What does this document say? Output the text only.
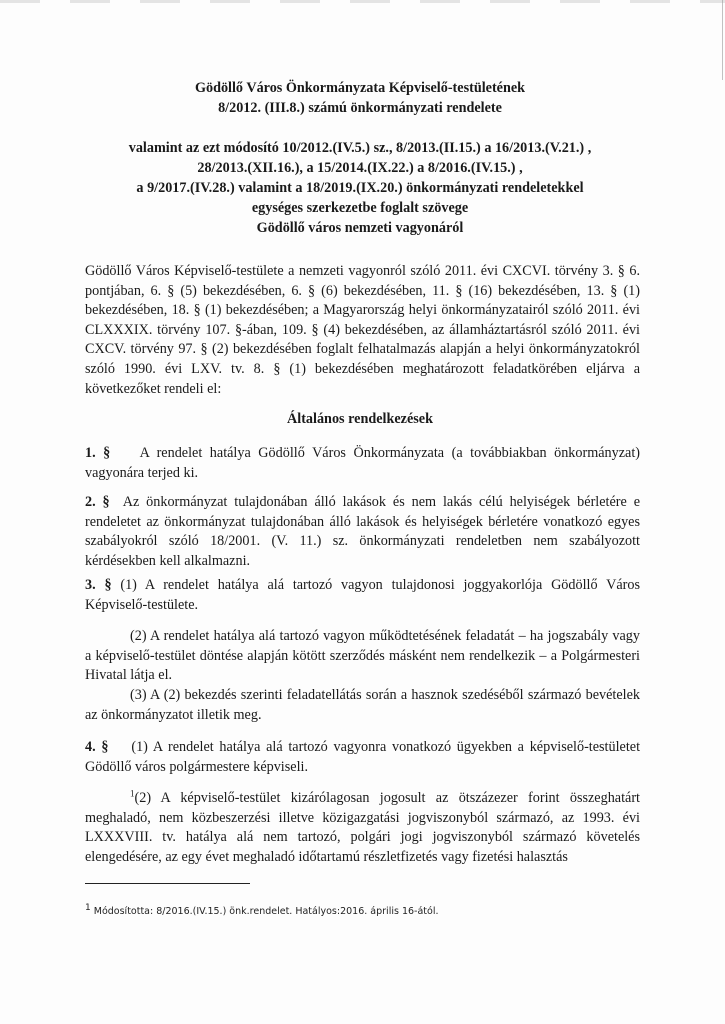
Gödöllő Város Önkormányzata Képviselő-testületének
8/2012. (III.8.) számú önkormányzati rendelete
valamint az ezt módosító 10/2012.(IV.5.) sz., 8/2013.(II.15.) a 16/2013.(V.21.) ,
28/2013.(XII.16.), a 15/2014.(IX.22.) a 8/2016.(IV.15.) ,
a 9/2017.(IV.28.) valamint a 18/2019.(IX.20.) önkormányzati rendeletekkel
egységes szerkezetbe foglalt szövege
Gödöllő város nemzeti vagyonáról

Gödöllő Város Képviselő-testülete a nemzeti vagyonról szóló 2011. évi CXCVI. törvény 3. § 6. pontjában, 6. § (5) bekezdésében, 6. § (6) bekezdésében, 11. § (16) bekezdésében, 13. § (1) bekezdésében, 18. § (1) bekezdésében; a Magyarország helyi önkormányzatairól szóló 2011. évi CLXXXIX. törvény 107. §-ában, 109. § (4) bekezdésében, az államháztartásról szóló 2011. évi CXCV. törvény 97. § (2) bekezdésében foglalt felhatalmazás alapján a helyi önkormányzatokról szóló 1990. évi LXV. tv. 8. § (1) bekezdésében meghatározott feladatkörében eljárva a következőket rendeli el:

Általános rendelkezések

1. § A rendelet hatálya Gödöllő Város Önkormányzata (a továbbiakban önkormányzat) vagyonára terjed ki.

2. § Az önkormányzat tulajdonában álló lakások és nem lakás célú helyiségek bérletére e rendeletet az önkormányzat tulajdonában álló lakások és helyiségek bérletére vonatkozó egyes szabályokról szóló 18/2001. (V. 11.) sz. önkormányzati rendeletben nem szabályozott kérdésekben kell alkalmazni.

3. § (1) A rendelet hatálya alá tartozó vagyon tulajdonosi joggyakorlója Gödöllő Város Képviselő-testülete.

(2) A rendelet hatálya alá tartozó vagyon működtetésének feladatát – ha jogszabály vagy a képviselő-testület döntése alapján kötött szerződés másként nem rendelkezik – a Polgármesteri Hivatal látja el.

(3) A (2) bekezdés szerinti feladatellátás során a hasznok szedéséből származó bevételek az önkormányzatot illetik meg.

4. § (1) A rendelet hatálya alá tartozó vagyonra vonatkozó ügyekben a képviselő-testületet Gödöllő város polgármestere képviseli.

$^1$(2) A képviselő-testület kizárólagosan jogosult az ötszázezer forint összeghatárt meghaladó, nem közbeszerzési illetve közigazgatási jogviszonyból származó, az 1993. évi LXXXVIII. tv. hatálya alá nem tartozó, polgári jogi jogviszonyból származó követelés elengedésére, az egy évet meghaladó időtartamú részletfizetés vagy fizetési halasztás

$^1$ Módosította: 8/2016.(IV.15.) önk.rendelet. Hatályos:2016. április 16-ától.
